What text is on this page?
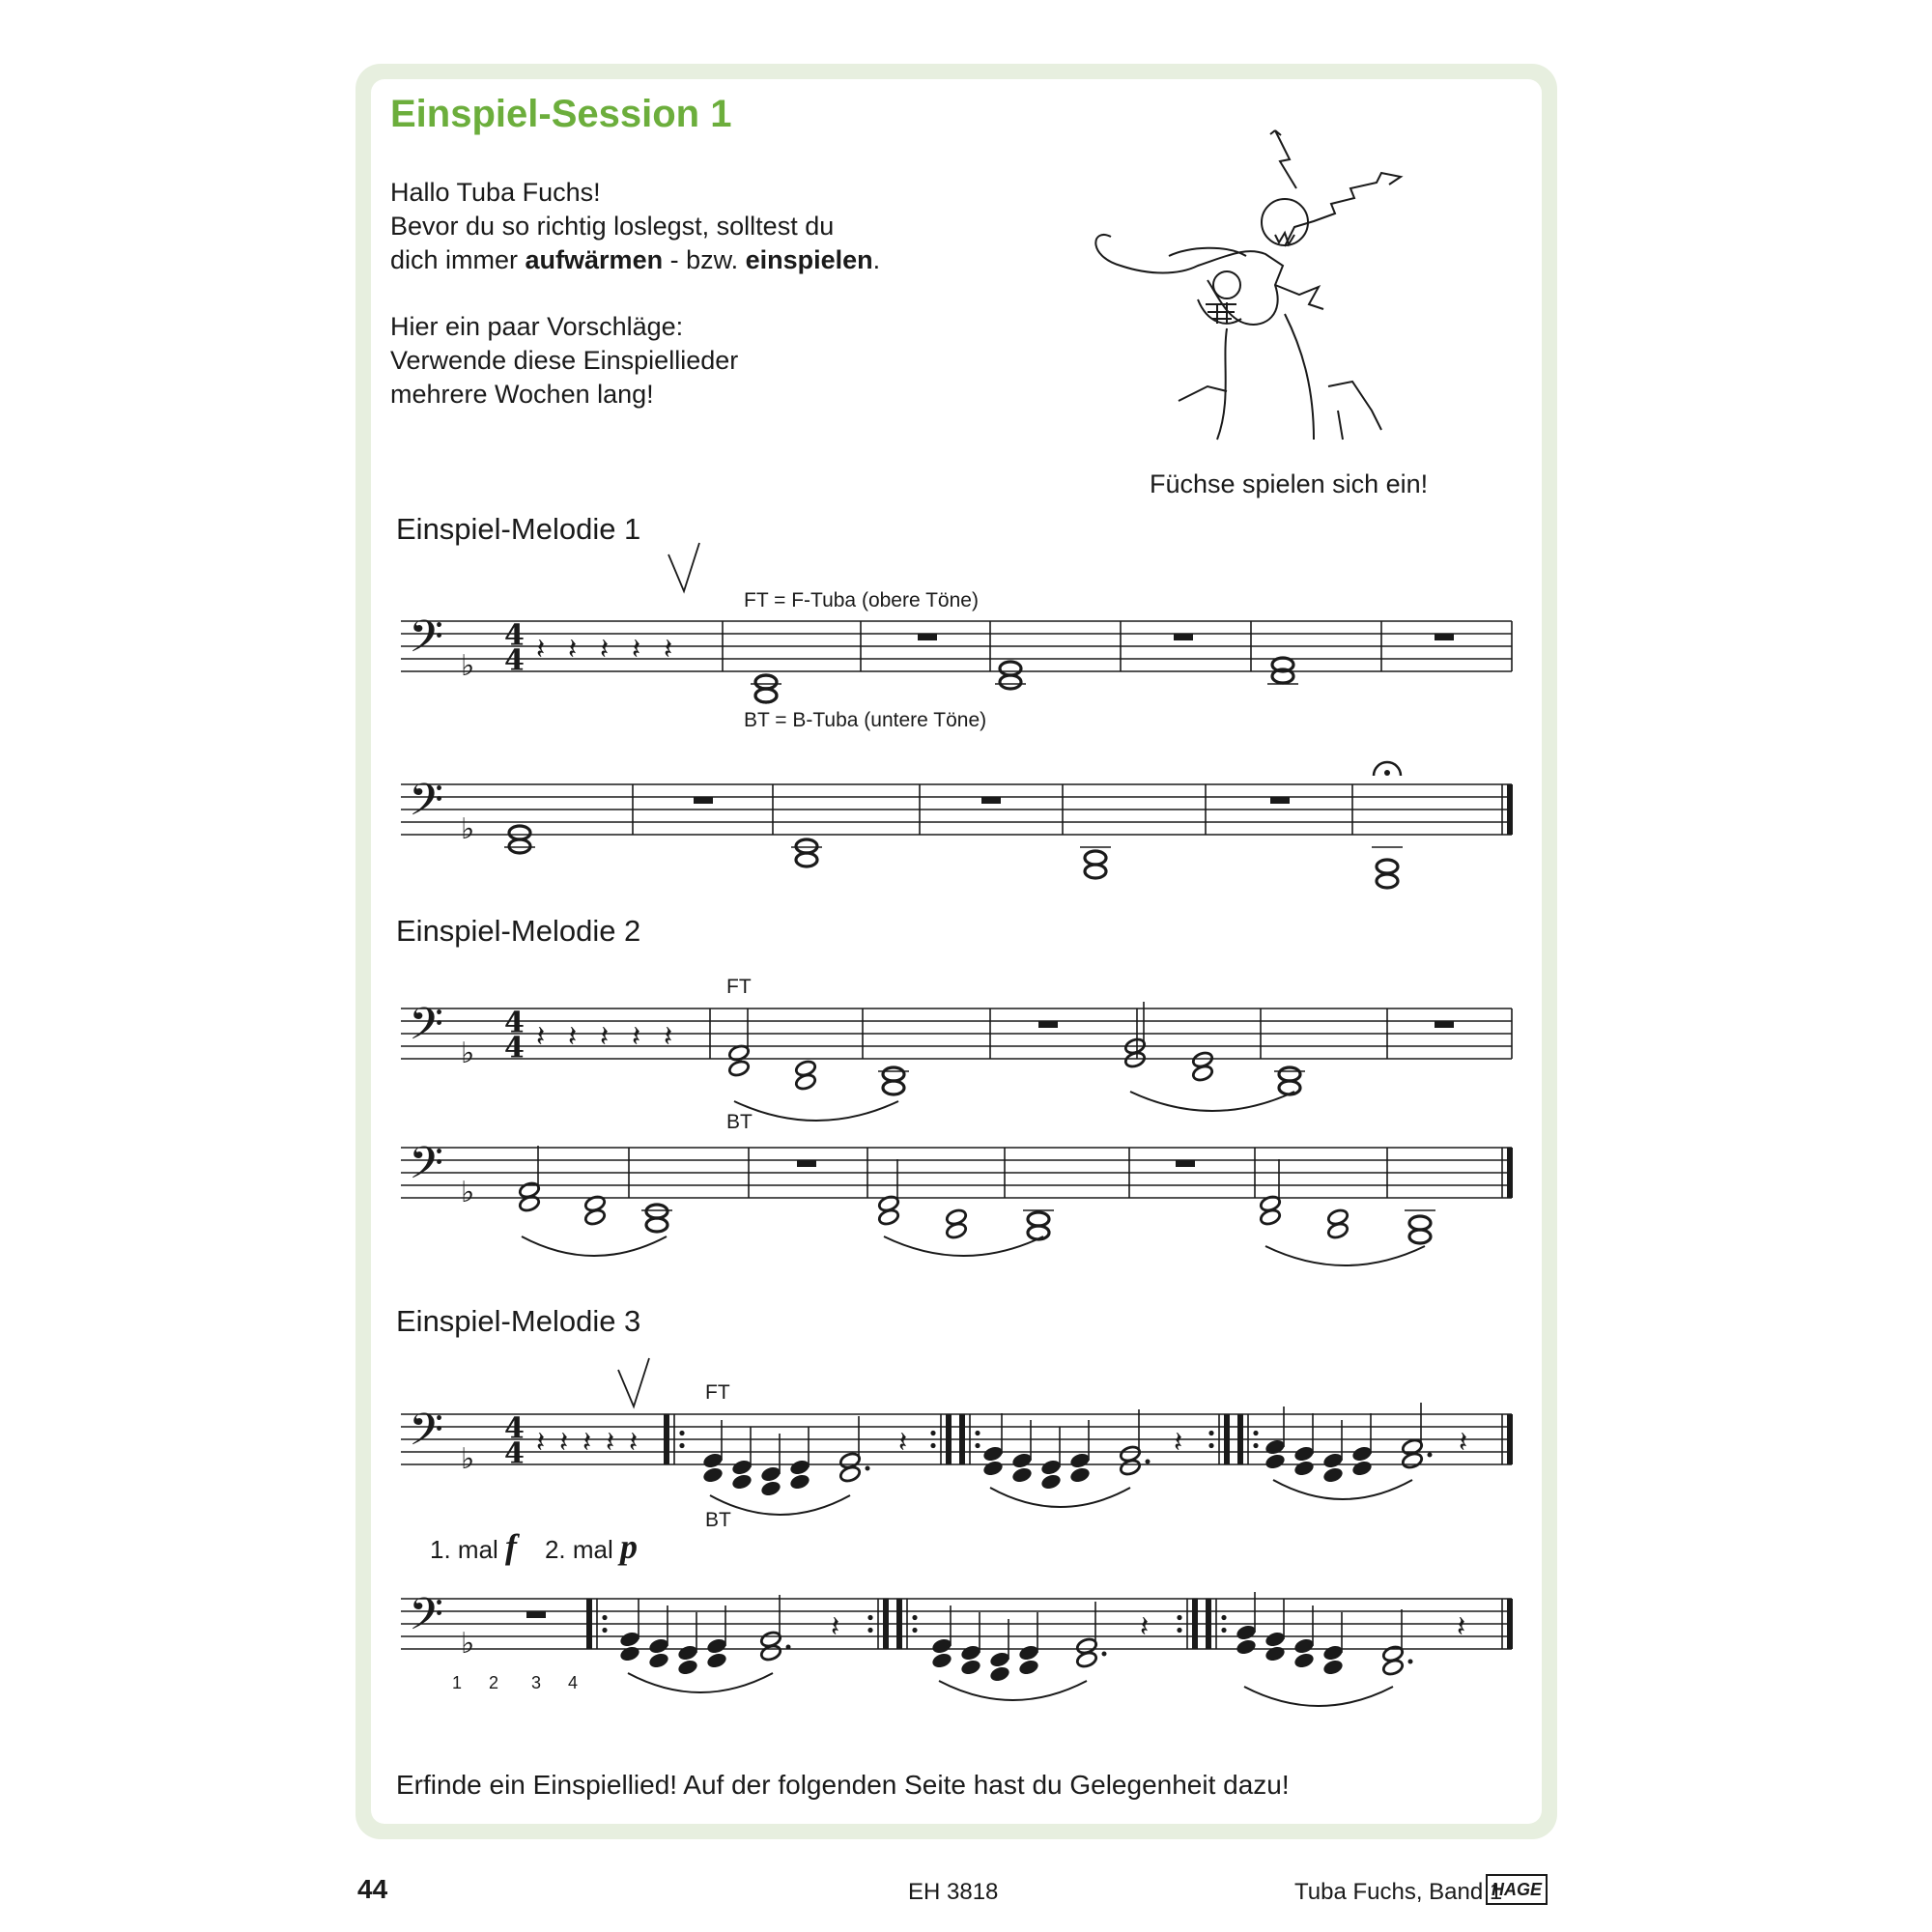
Einspiel-Session 1

Hallo Tuba Fuchs!
Bevor du so richtig loslegst, solltest du
dich immer aufwärmen - bzw. einspielen.

Hier ein paar Vorschläge:
Verwende diese Einspiellieder
mehrere Wochen lang!

Füchse spielen sich ein!
Einspiel-Melodie 1
FT = F-Tuba (obere Töne)
BT = B-Tuba (untere Töne)
Einspiel-Melodie 2
FT
BT
Einspiel-Melodie 3
FT
BT
1. mal f 2. mal p
1 2 3 4
𝄢 ♭
4
4 𝄽 𝄽 𝄽 𝄽 𝄽
𝄢 ♭
𝄢 ♭
4
4 𝄽 𝄽 𝄽 𝄽 𝄽
𝄢 ♭
𝄢 ♭
4
4 𝄽 𝄽 𝄽 𝄽 𝄽	𝄽	𝄽	𝄽
𝄢 ♭	𝄽	𝄽	𝄽
Erfinde ein Einspiellied! Auf der folgenden Seite hast du Gelegenheit dazu!
44	EH 3818	Tuba Fuchs, Band 1
HAGE
